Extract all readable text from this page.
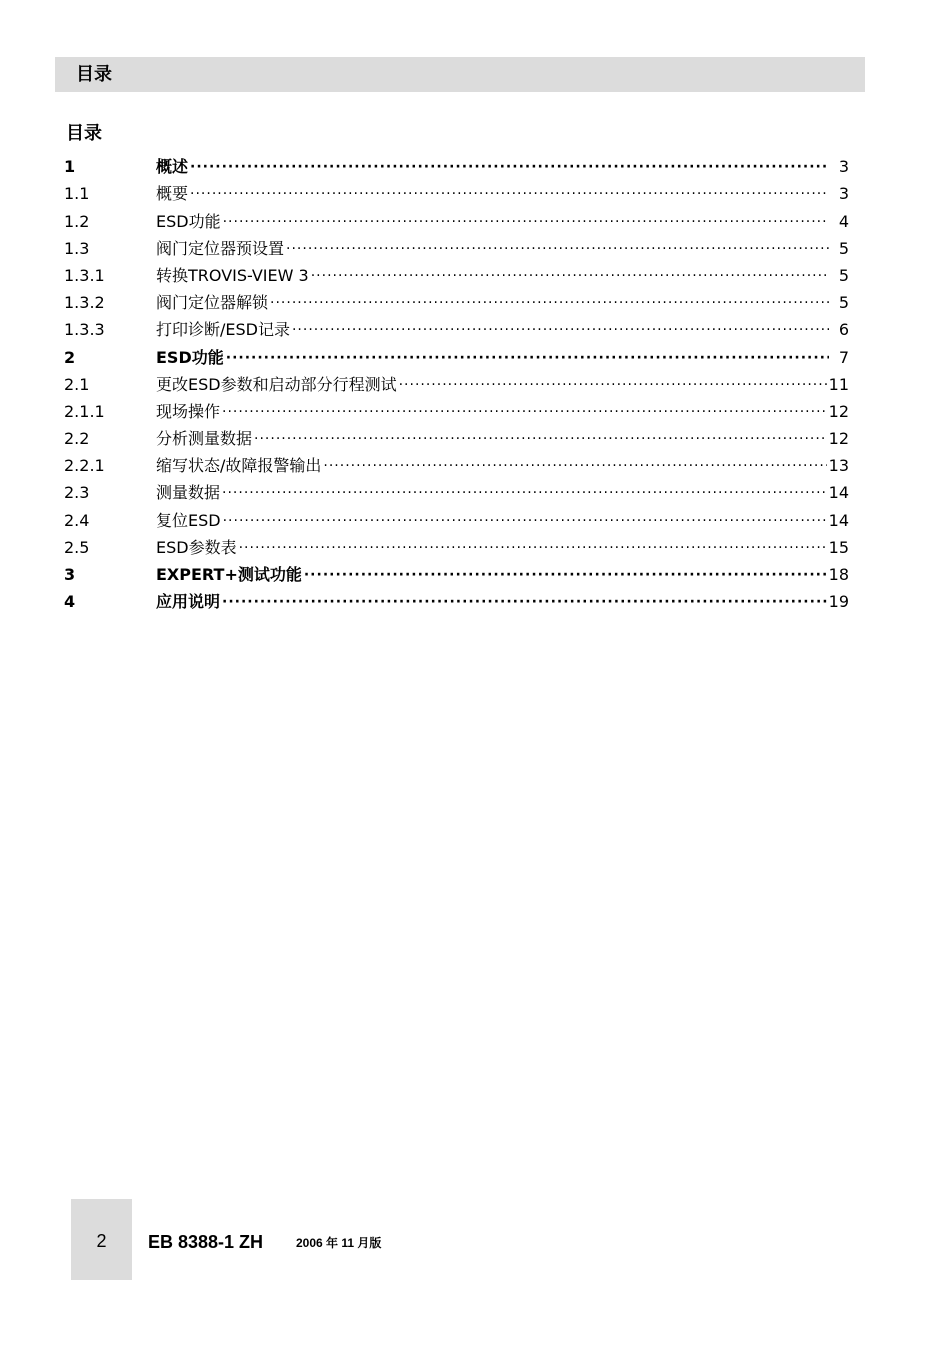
目录
目录
1	概述 ·····	3
1.1	概要 ·····	3
1.2	ESD功能 ·····	4
1.3	阀门定位器预设置 ·····	5
1.3.1	转换TROVIS-VIEW 3 ·····	5
1.3.2	阀门定位器解锁 ·····	5
1.3.3	打印诊断/ESD记录 ·····	6
2	ESD功能 ·····	7
2.1	更改ESD参数和启动部分行程测试 ·····	11
2.1.1	现场操作 ·····	12
2.2	分析测量数据 ·····	12
2.2.1	缩写状态/故障报警输出 ·····	13
2.3	测量数据 ·····	14
2.4	复位ESD ·····	14
2.5	ESD参数表 ·····	15
3	EXPERT+测试功能 ·····	18
4	应用说明 ·····	19
2	EB 8388-1 ZH	2006 年 11 月版
